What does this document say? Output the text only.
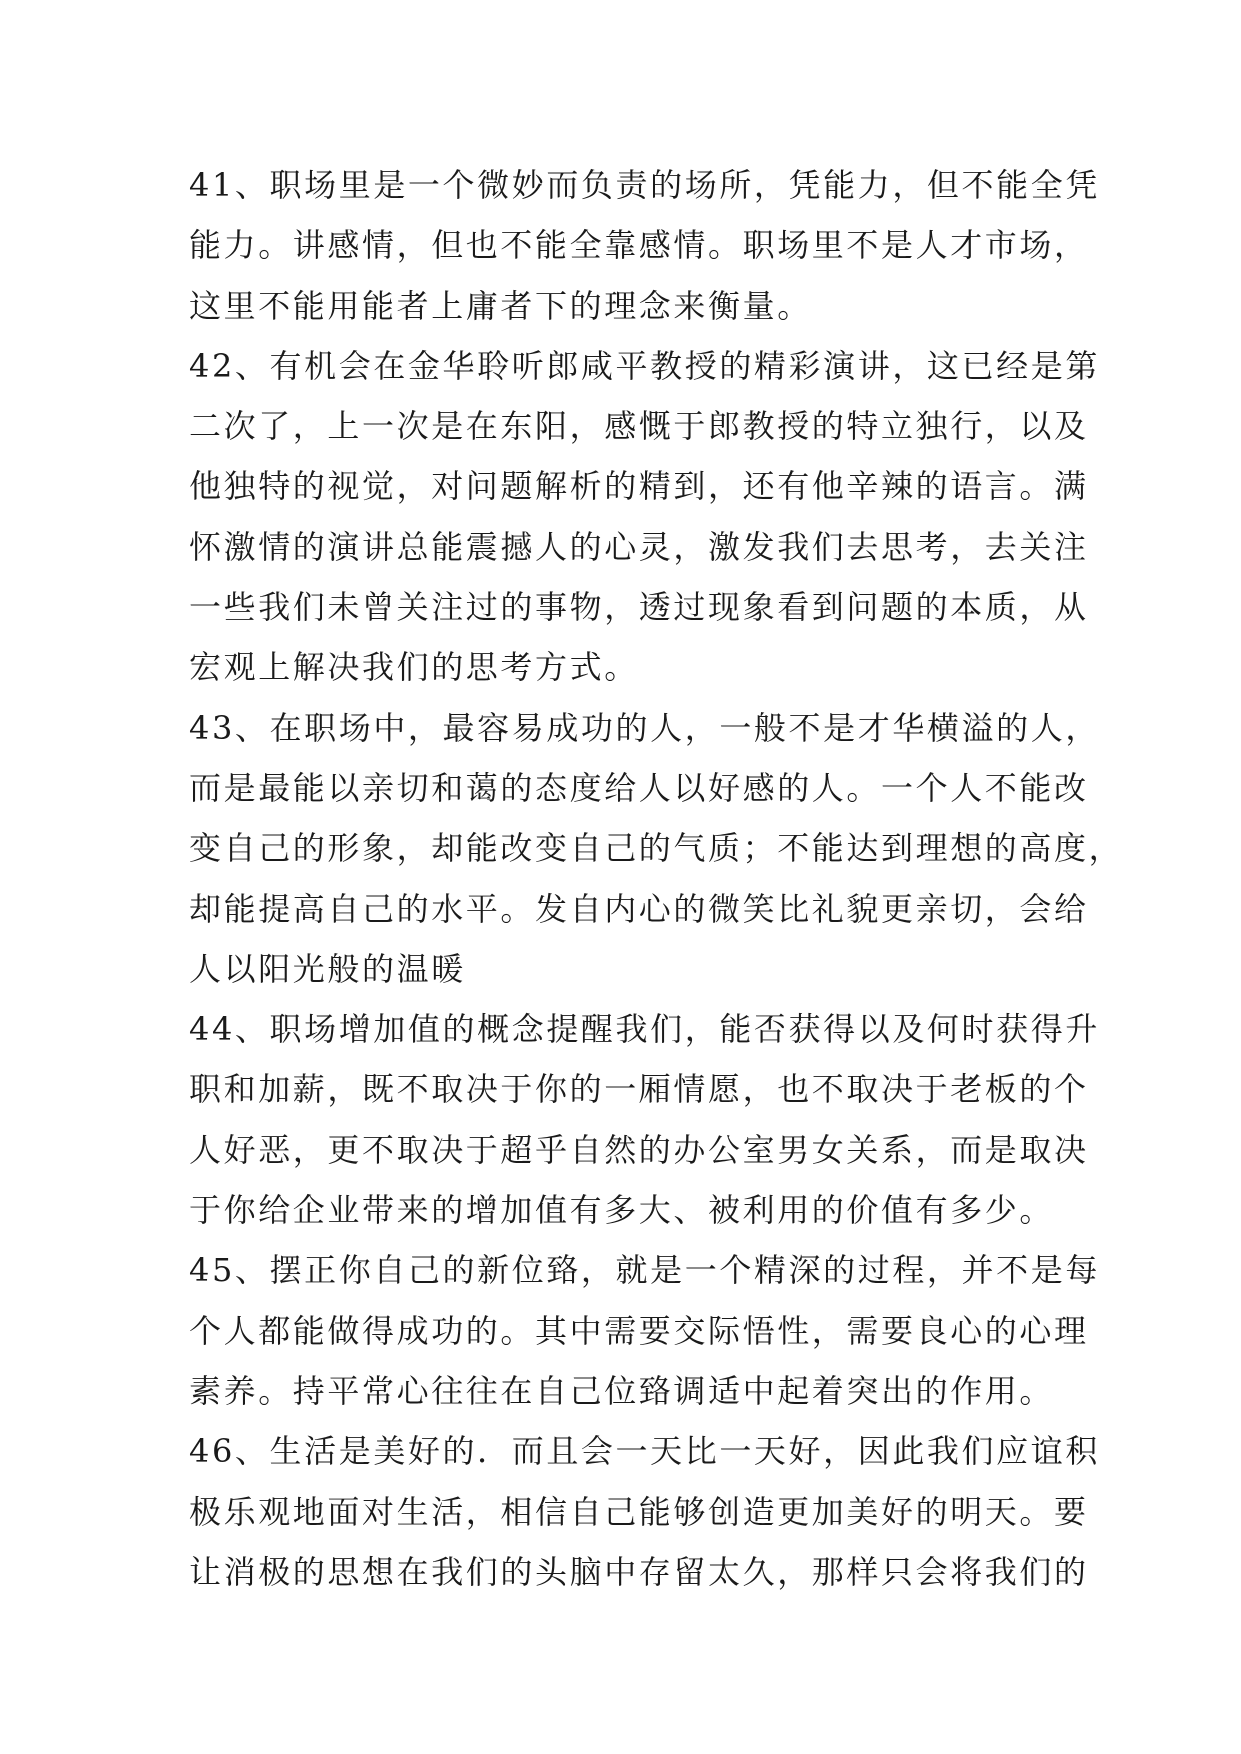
41、职场里是一个微妙而负责的场所，凭能力，但不能全凭
能力。讲感情，但也不能全靠感情。职场里不是人才市场，
这里不能用能者上庸者下的理念来衡量。
42、有机会在金华聆听郎咸平教授的精彩演讲，这已经是第
二次了，上一次是在东阳，感慨于郎教授的特立独行，以及
他独特的视觉，对问题解析的精到，还有他辛辣的语言。满
怀激情的演讲总能震撼人的心灵，激发我们去思考，去关注
一些我们未曾关注过的事物，透过现象看到问题的本质，从
宏观上解决我们的思考方式。
43、在职场中，最容易成功的人，一般不是才华横溢的人，
而是最能以亲切和蔼的态度给人以好感的人。一个人不能改
变自己的形象，却能改变自己的气质；不能达到理想的高度，
却能提高自己的水平。发自内心的微笑比礼貌更亲切，会给
人以阳光般的温暖
44、职场增加值的概念提醒我们，能否获得以及何时获得升
职和加薪，既不取决于你的一厢情愿，也不取决于老板的个
人好恶，更不取决于超乎自然的办公室男女关系，而是取决
于你给企业带来的增加值有多大、被利用的价值有多少。
45、摆正你自己的新位臵，就是一个精深的过程，并不是每
个人都能做得成功的。其中需要交际悟性，需要良心的心理
素养。持平常心往往在自己位臵调适中起着突出的作用。
46、生活是美好的．而且会一天比一天好，因此我们应谊积
极乐观地面对生活，相信自己能够创造更加美好的明天。要
让消极的思想在我们的头脑中存留太久，那样只会将我们的
